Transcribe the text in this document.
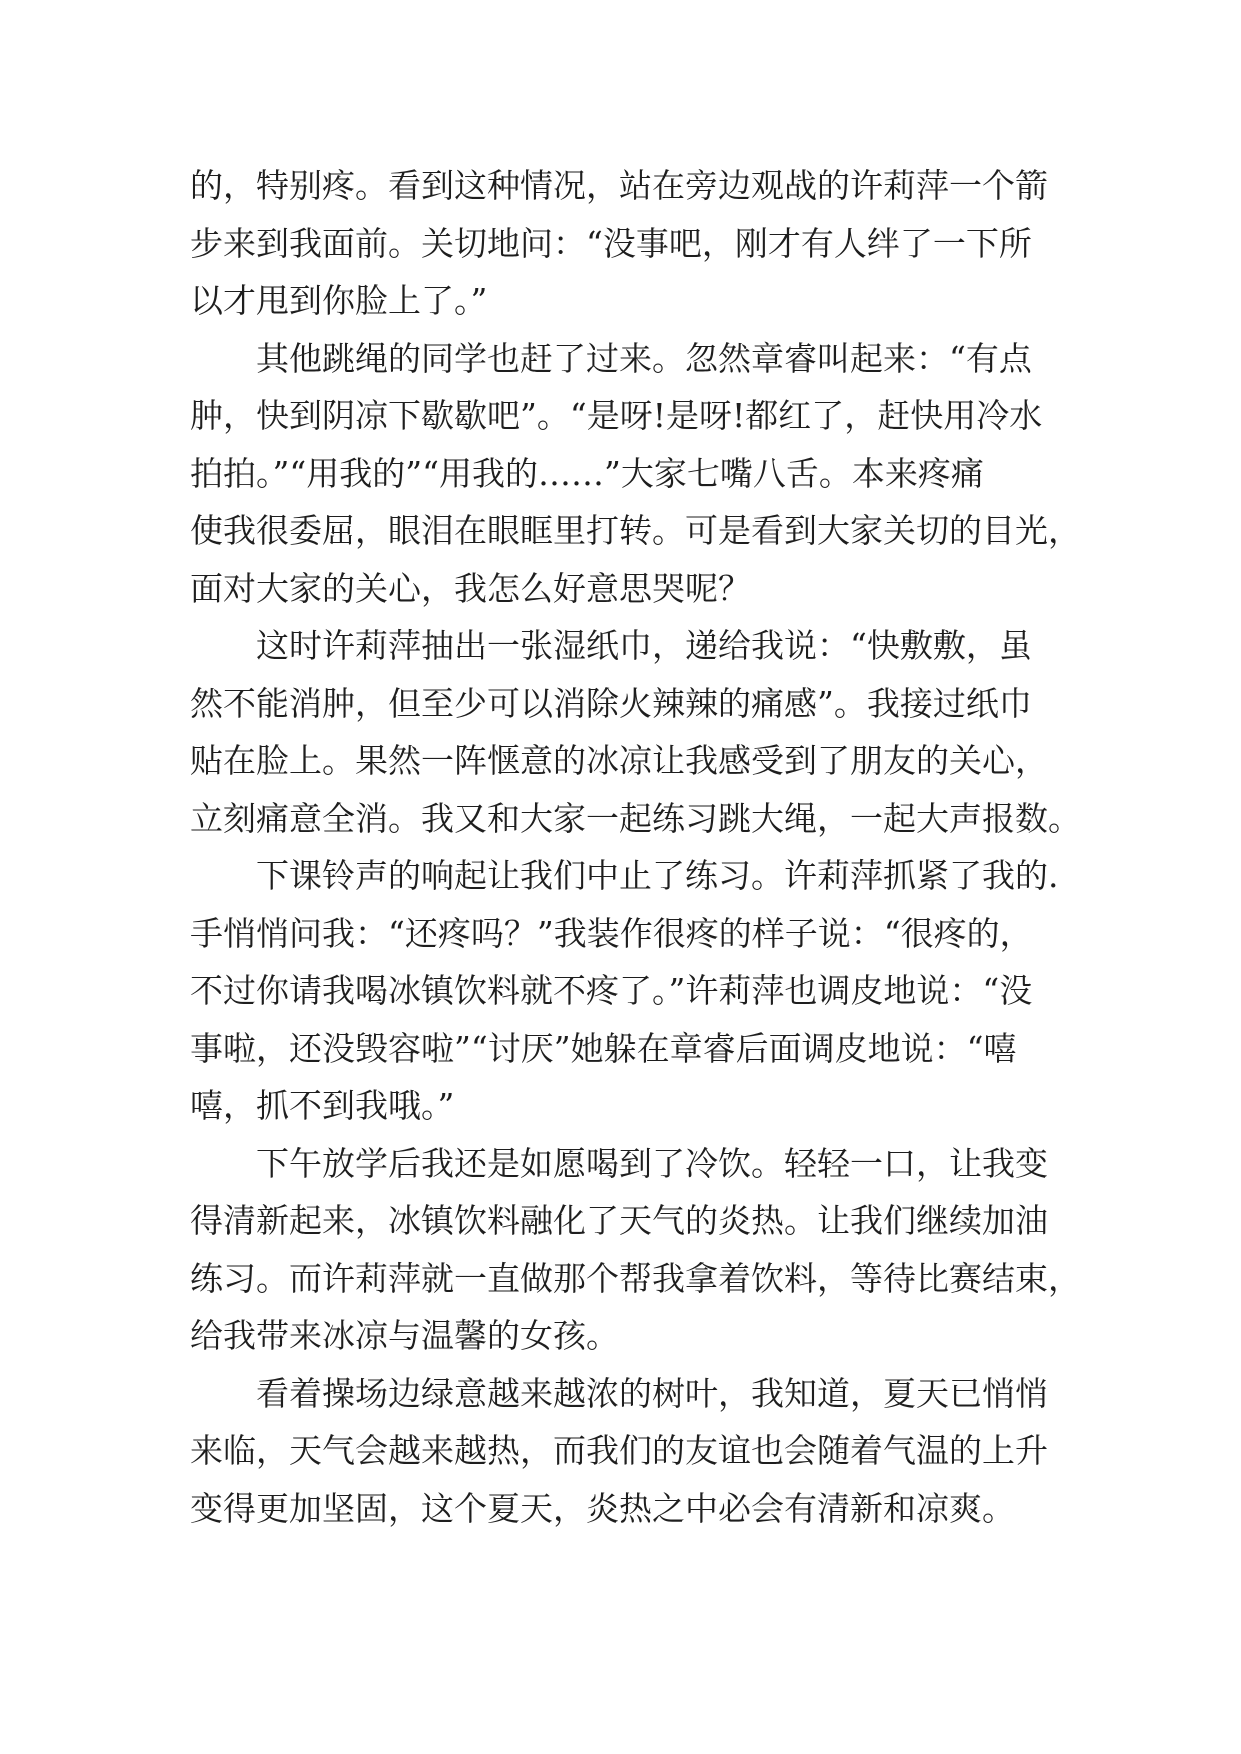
的，特别疼。看到这种情况，站在旁边观战的许莉萍一个箭
步来到我面前。关切地问：“没事吧，刚才有人绊了一下所
以才甩到你脸上了。”
　　其他跳绳的同学也赶了过来。忽然章睿叫起来：“有点
肿，快到阴凉下歇歇吧”。“是呀!是呀!都红了，赶快用冷水
拍拍。”“用我的”“用我的……”大家七嘴八舌。本来疼痛
使我很委屈，眼泪在眼眶里打转。可是看到大家关切的目光，
面对大家的关心，我怎么好意思哭呢？
　　这时许莉萍抽出一张湿纸巾，递给我说：“快敷敷，虽
然不能消肿，但至少可以消除火辣辣的痛感”。我接过纸巾
贴在脸上。果然一阵惬意的冰凉让我感受到了朋友的关心，
立刻痛意全消。我又和大家一起练习跳大绳，一起大声报数。
　　下课铃声的响起让我们中止了练习。许莉萍抓紧了我的.
手悄悄问我：“还疼吗？”我装作很疼的样子说：“很疼的，
不过你请我喝冰镇饮料就不疼了。”许莉萍也调皮地说：“没
事啦，还没毁容啦”“讨厌”她躲在章睿后面调皮地说：“嘻
嘻，抓不到我哦。”
　　下午放学后我还是如愿喝到了冷饮。轻轻一口，让我变
得清新起来，冰镇饮料融化了天气的炎热。让我们继续加油
练习。而许莉萍就一直做那个帮我拿着饮料，等待比赛结束，
给我带来冰凉与温馨的女孩。
　　看着操场边绿意越来越浓的树叶，我知道，夏天已悄悄
来临，天气会越来越热，而我们的友谊也会随着气温的上升
变得更加坚固，这个夏天，炎热之中必会有清新和凉爽。
